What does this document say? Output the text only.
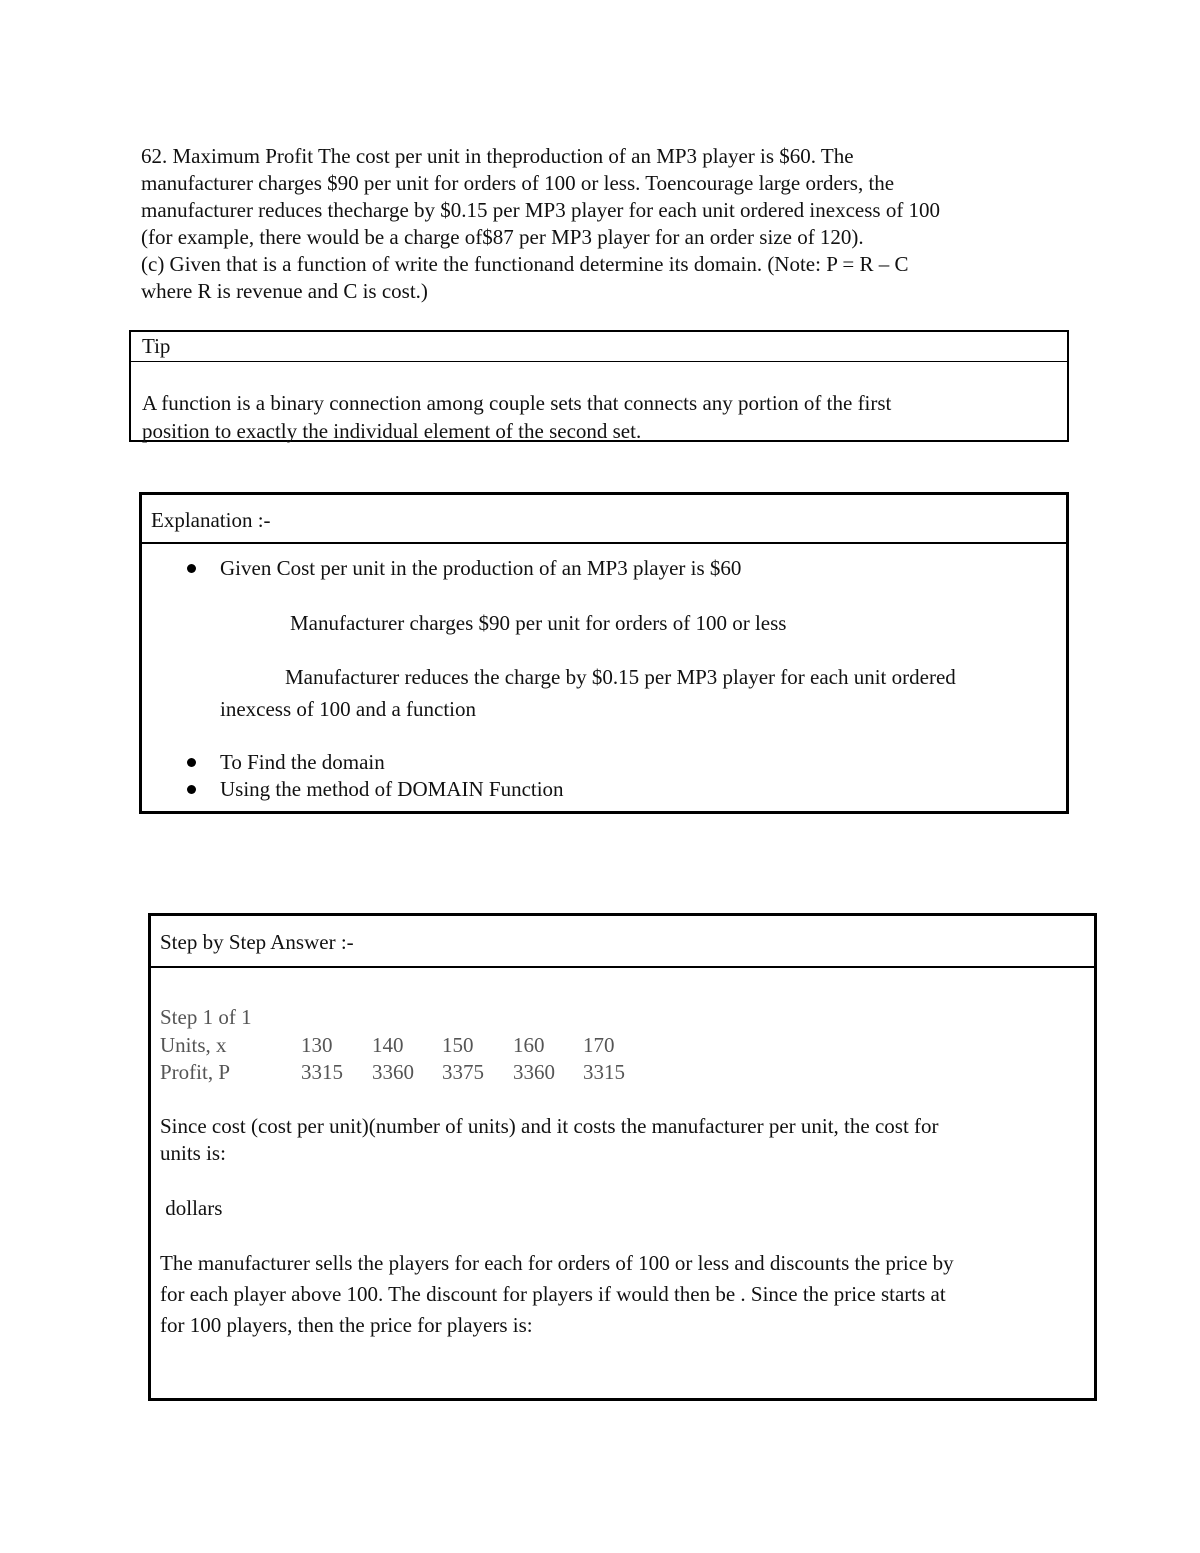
62. Maximum Profit The cost per unit in theproduction of an MP3 player is $60. The

manufacturer charges $90 per unit for orders of 100 or less. Toencourage large orders, the

manufacturer reduces thecharge by $0.15 per MP3 player for each unit ordered inexcess of 100

(for example, there would be a charge of$87 per MP3 player for an order size of 120).

(c) Given that is a function of write the functionand determine its domain. (Note: P = R – C

where R is revenue and C is cost.)

Tip
A function is a binary connection among couple sets that connects any portion of the first
position to exactly the individual element of the second set.
Explanation :-
Given Cost per unit in the production of an MP3 player is $60
Manufacturer charges $90 per unit for orders of 100 or less
Manufacturer reduces the charge by $0.15 per MP3 player for each unit ordered
inexcess of 100 and a function
To Find the domain
Using the method of DOMAIN Function
Step by Step Answer :-
Step 1 of 1
Units, x	130 140 150 160 170
Profit, P	3315 3360 3375 3360 3315
Since cost (cost per unit)(number of units) and it costs the manufacturer per unit, the cost for
units is:
dollars
The manufacturer sells the players for each for orders of 100 or less and discounts the price by
for each player above 100. The discount for players if would then be . Since the price starts at
for 100 players, then the price for players is:
